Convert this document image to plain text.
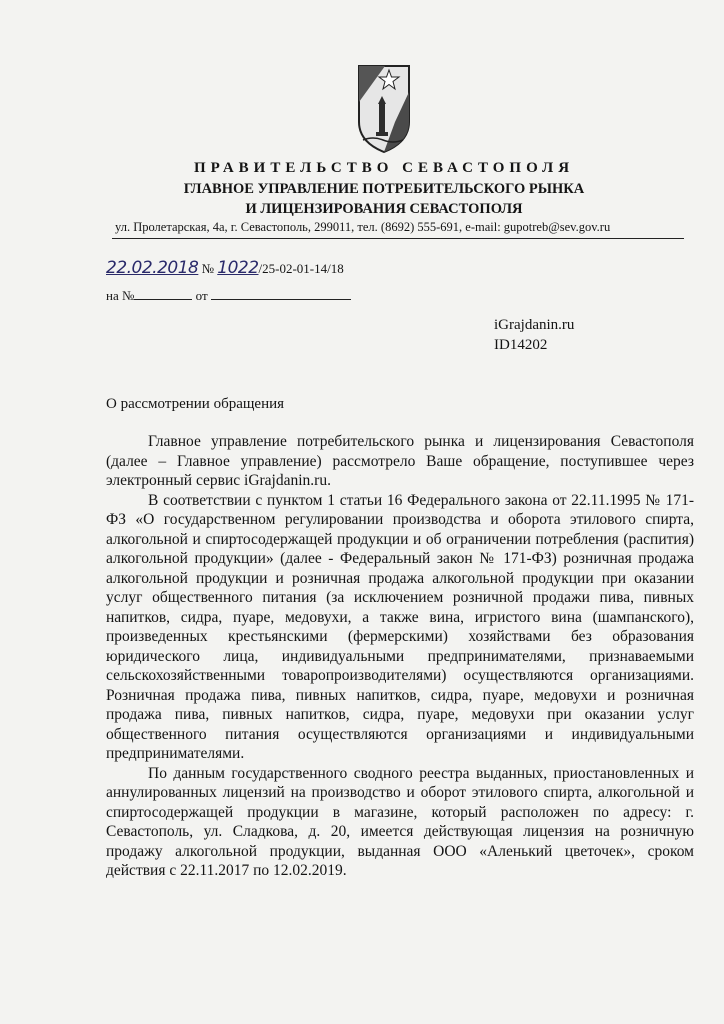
ПРАВИТЕЛЬСТВО СЕВАСТОПОЛЯ
ГЛАВНОЕ УПРАВЛЕНИЕ ПОТРЕБИТЕЛЬСКОГО РЫНКА
И ЛИЦЕНЗИРОВАНИЯ СЕВАСТОПОЛЯ
ул. Пролетарская, 4а, г. Севастополь, 299011, тел. (8692) 555-691, e-mail: gupotreb@sev.gov.ru
22.02.2018 № 1022/25-02-01-14/18
на №	от
iGrajdanin.ru
ID14202
О рассмотрении обращения

Главное управление потребительского рынка и лицензирования Севастополя (далее – Главное управление) рассмотрело Ваше обращение, поступившее через электронный сервис iGrajdanin.ru.

В соответствии с пунктом 1 статьи 16 Федерального закона от 22.11.1995 № 171-ФЗ «О государственном регулировании производства и оборота этилового спирта, алкогольной и спиртосодержащей продукции и об ограничении потребления (распития) алкогольной продукции» (далее - Федеральный закон № 171-ФЗ) розничная продажа алкогольной продукции и розничная продажа алкогольной продукции при оказании услуг общественного питания (за исключением розничной продажи пива, пивных напитков, сидра, пуаре, медовухи, а также вина, игристого вина (шампанского), произведенных крестьянскими (фермерскими) хозяйствами без образования юридического лица, индивидуальными предпринимателями, признаваемыми сельскохозяйственными товаропроизводителями) осуществляются организациями. Розничная продажа пива, пивных напитков, сидра, пуаре, медовухи и розничная продажа пива, пивных напитков, сидра, пуаре, медовухи при оказании услуг общественного питания осуществляются организациями и индивидуальными предпринимателями.

По данным государственного сводного реестра выданных, приостановленных и аннулированных лицензий на производство и оборот этилового спирта, алкогольной и спиртосодержащей продукции в магазине, который расположен по адресу: г. Севастополь, ул. Сладкова, д. 20, имеется действующая лицензия на розничную продажу алкогольной продукции, выданная ООО «Аленький цветочек», сроком действия с 22.11.2017 по 12.02.2019.
